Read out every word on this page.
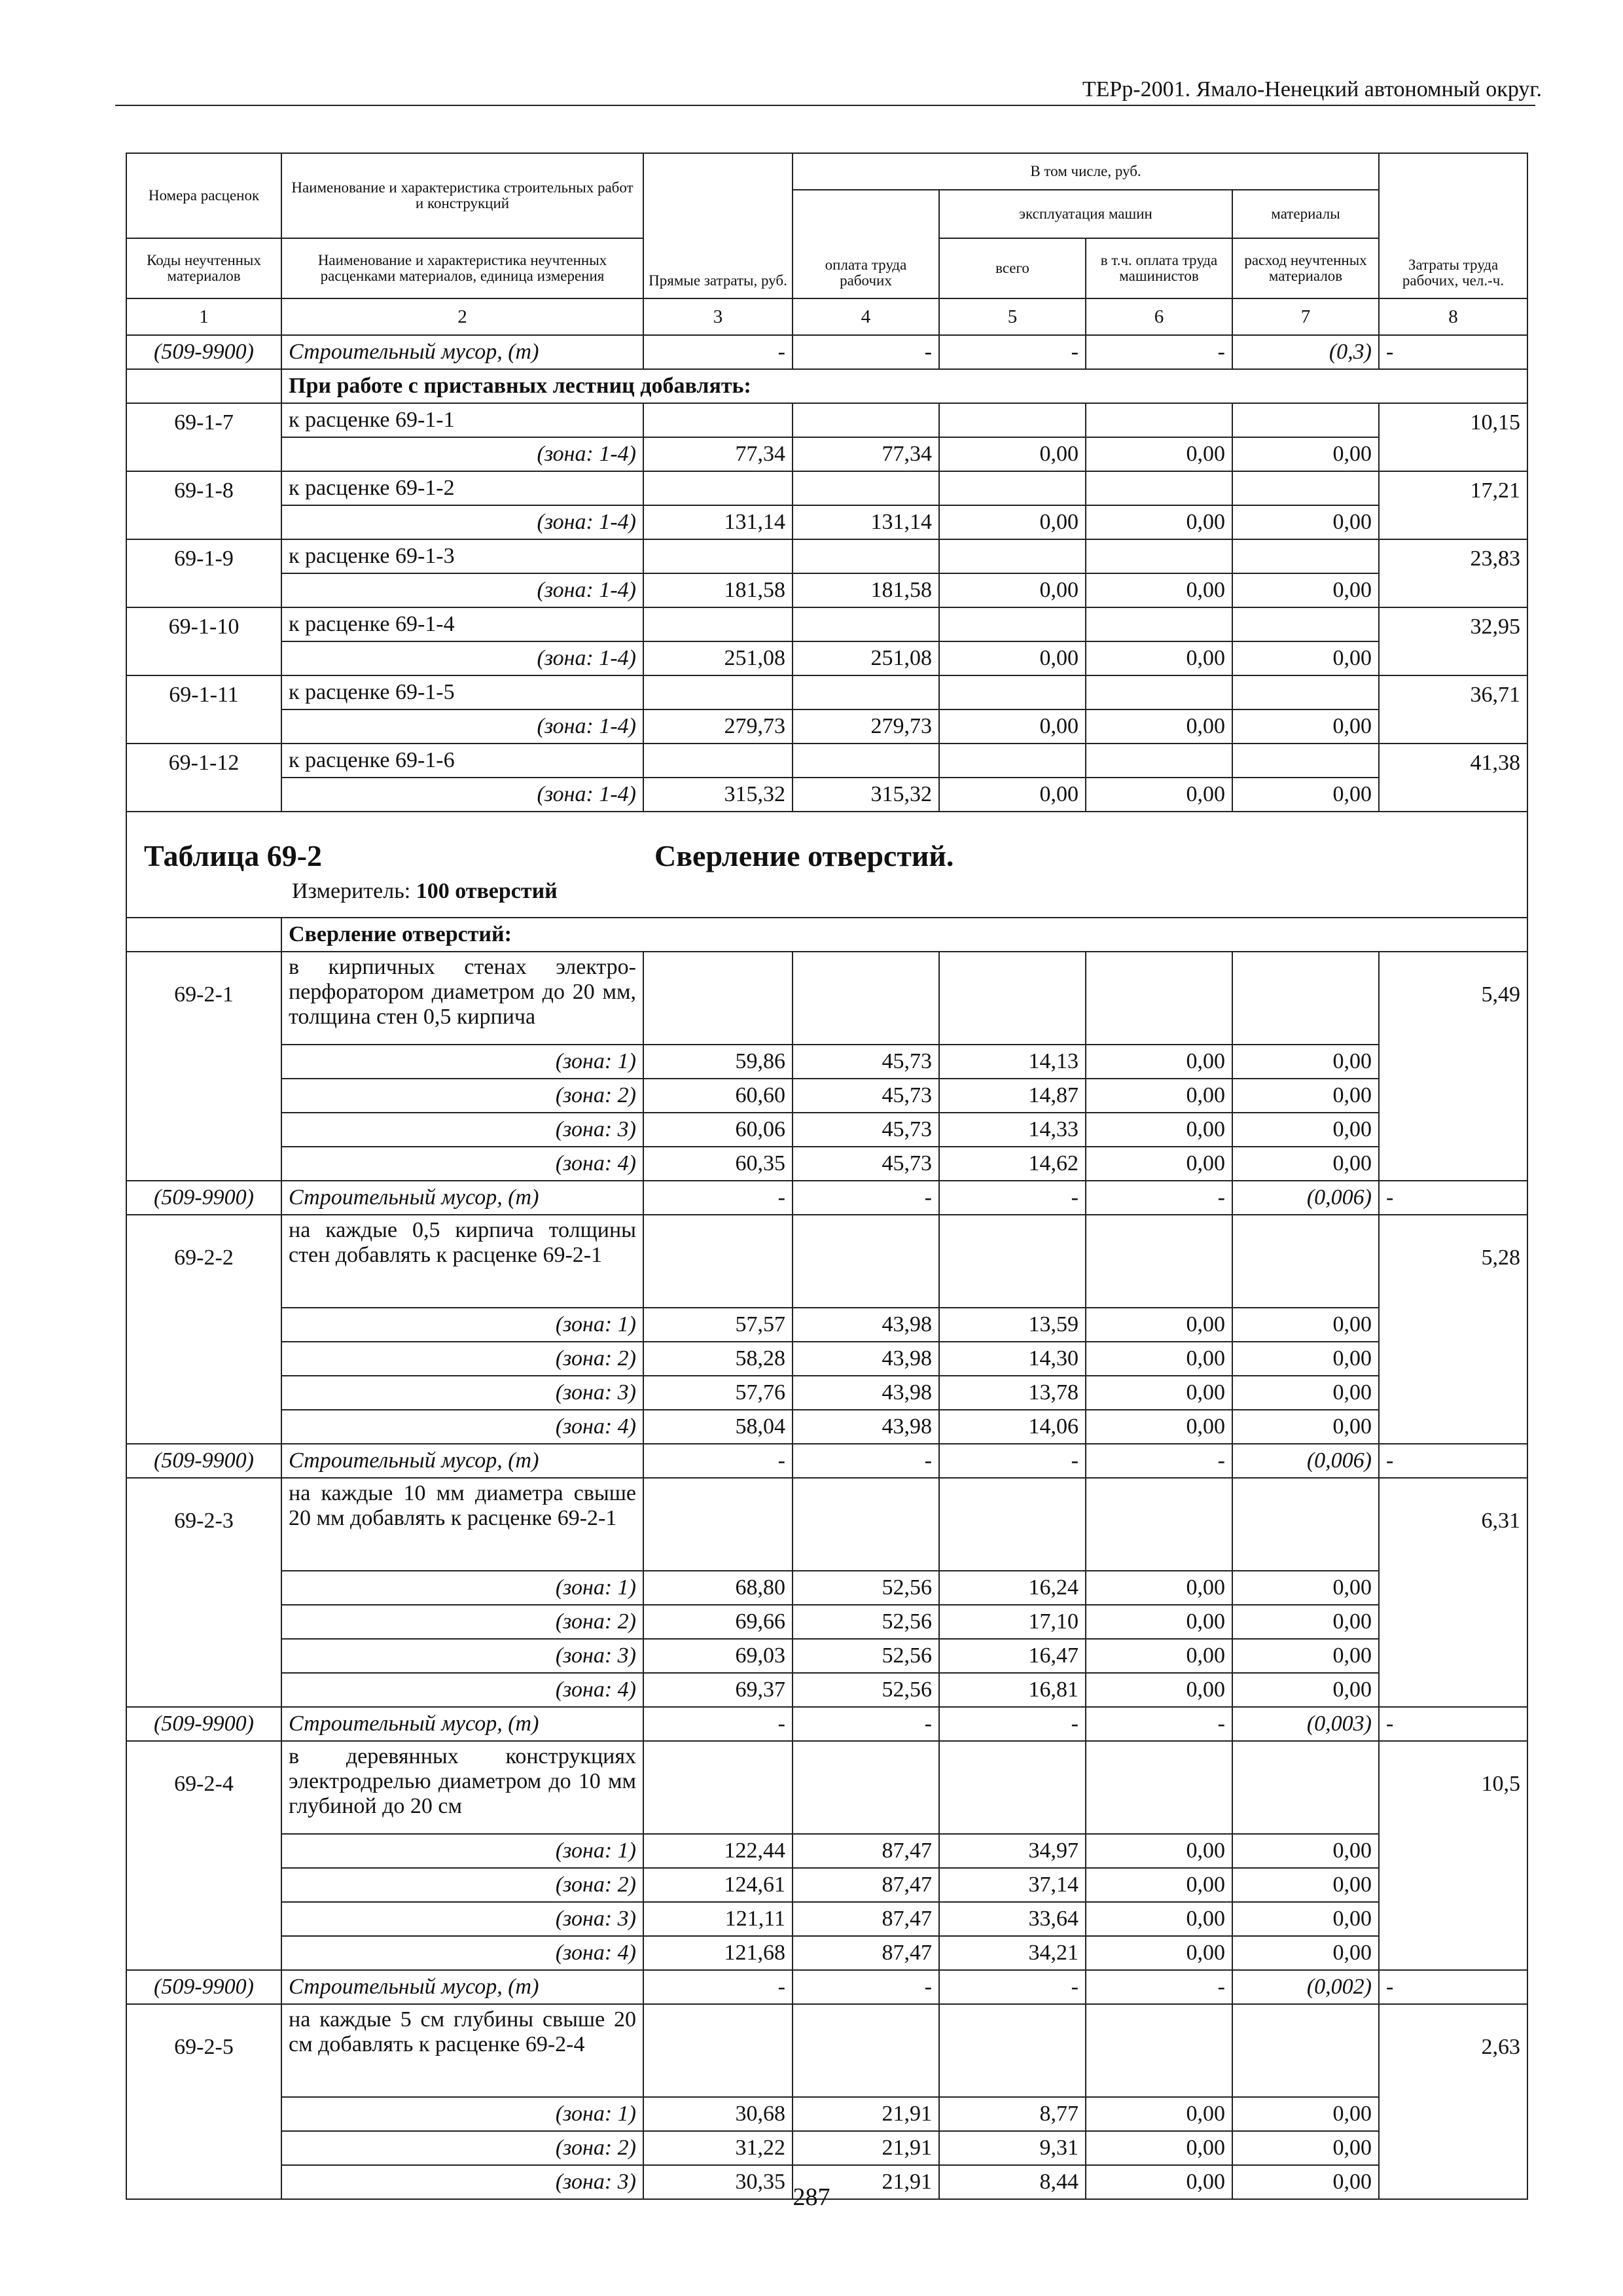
ТЕРр-2001. Ямало-Ненецкий автономный округ.
Номера расценок	Наименование и характеристика строительных работ и конструкций	Прямые затраты, руб.	В том числе, руб.				Затраты труда рабочих, чел.-ч.
			оплата труда рабочих	эксплуатация машин		материалы	
Коды неучтенных материалов	Наименование и характеристика неучтенных расценками материалов, единица измерения			всего	в т.ч. оплата труда машинистов	расход неучтенных материалов	
1	2	3	4	5	6	7	8
(509-9900)	Строительный мусор, (т)	-	-	-	-	(0,3)	-
	При работе с приставных лестниц добавлять:						
69-1-7	к расценке 69-1-1						10,15
	(зона: 1-4)	77,34	77,34	0,00	0,00	0,00	
69-1-8	к расценке 69-1-2						17,21
	(зона: 1-4)	131,14	131,14	0,00	0,00	0,00	
69-1-9	к расценке 69-1-3						23,83
	(зона: 1-4)	181,58	181,58	0,00	0,00	0,00	
69-1-10	к расценке 69-1-4						32,95
	(зона: 1-4)	251,08	251,08	0,00	0,00	0,00	
69-1-11	к расценке 69-1-5						36,71
	(зона: 1-4)	279,73	279,73	0,00	0,00	0,00	
69-1-12	к расценке 69-1-6						41,38
	(зона: 1-4)	315,32	315,32	0,00	0,00	0,00	

Таблица 69-2 Сверление отверстий.
Измеритель: 100 отверстий							

	Сверление отверстий:						
69-2-1	в кирпичных стенах электро-перфоратором диаметром до 20 мм, толщина стен 0,5 кирпича						5,49
	(зона: 1)	59,86	45,73	14,13	0,00	0,00	
	(зона: 2)	60,60	45,73	14,87	0,00	0,00	
	(зона: 3)	60,06	45,73	14,33	0,00	0,00	
	(зона: 4)	60,35	45,73	14,62	0,00	0,00	
(509-9900)	Строительный мусор, (т)	-	-	-	-	(0,006)	-
69-2-2	на каждые 0,5 кирпича толщины стен добавлять к расценке 69-2-1						5,28
	(зона: 1)	57,57	43,98	13,59	0,00	0,00	
	(зона: 2)	58,28	43,98	14,30	0,00	0,00	
	(зона: 3)	57,76	43,98	13,78	0,00	0,00	
	(зона: 4)	58,04	43,98	14,06	0,00	0,00	
(509-9900)	Строительный мусор, (т)	-	-	-	-	(0,006)	-
69-2-3	на каждые 10 мм диаметра свыше 20 мм добавлять к расценке 69-2-1						6,31
	(зона: 1)	68,80	52,56	16,24	0,00	0,00	
	(зона: 2)	69,66	52,56	17,10	0,00	0,00	
	(зона: 3)	69,03	52,56	16,47	0,00	0,00	
	(зона: 4)	69,37	52,56	16,81	0,00	0,00	
(509-9900)	Строительный мусор, (т)	-	-	-	-	(0,003)	-
69-2-4	в деревянных конструкциях электродрелью диаметром до 10 мм глубиной до 20 см						10,5
	(зона: 1)	122,44	87,47	34,97	0,00	0,00	
	(зона: 2)	124,61	87,47	37,14	0,00	0,00	
	(зона: 3)	121,11	87,47	33,64	0,00	0,00	
	(зона: 4)	121,68	87,47	34,21	0,00	0,00	
(509-9900)	Строительный мусор, (т)	-	-	-	-	(0,002)	-
69-2-5	на каждые 5 см глубины свыше 20 см добавлять к расценке 69-2-4						2,63
	(зона: 1)	30,68	21,91	8,77	0,00	0,00	
	(зона: 2)	31,22	21,91	9,31	0,00	0,00	
	(зона: 3)	30,35	21,91	8,44	0,00	0,00	
287
